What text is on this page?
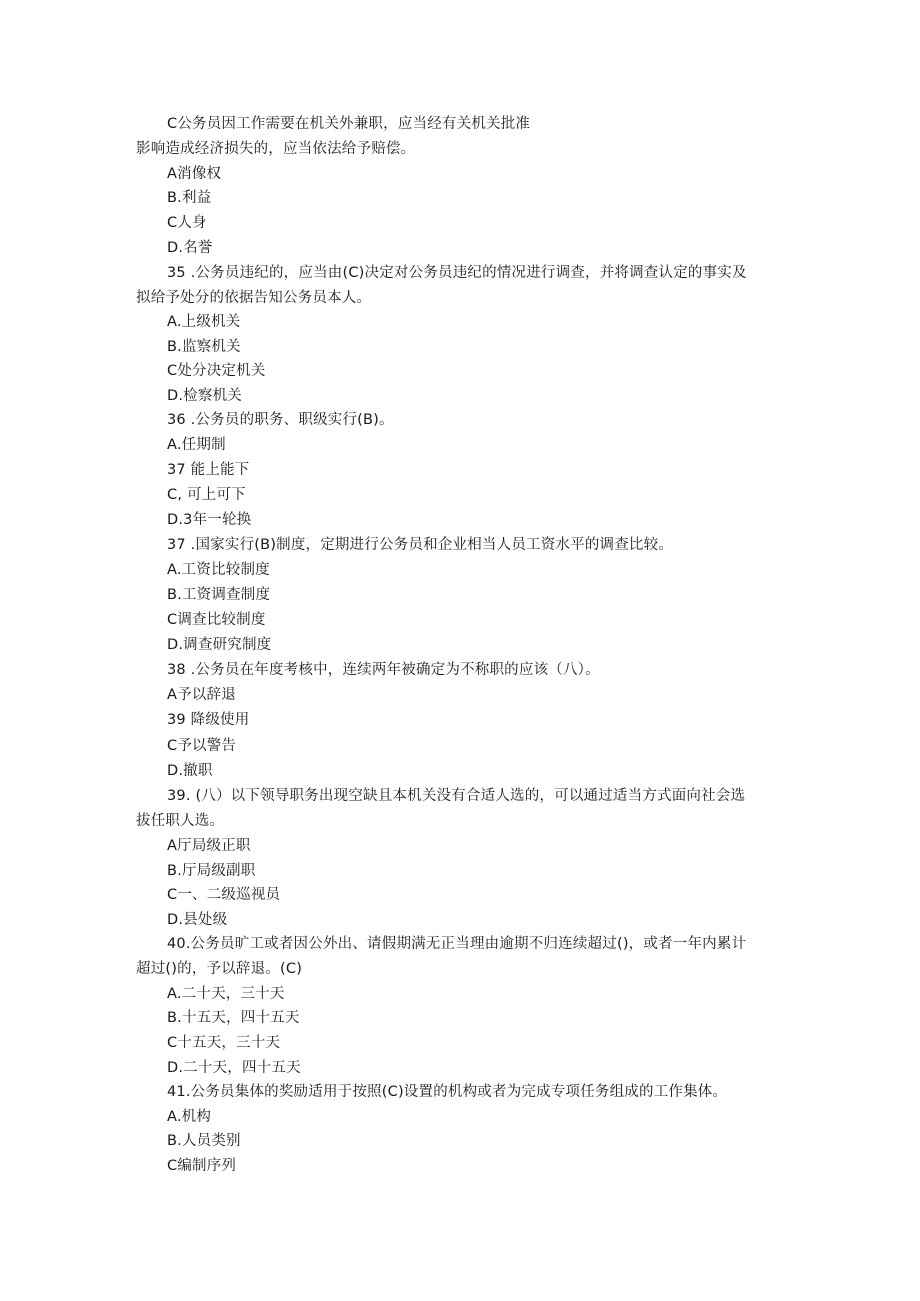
C公务员因工作需要在机关外兼职，应当经有关机关批准
影响造成经济损失的，应当依法给予赔偿。
A消像权
B.利益
C人身
D.名誉
35 .公务员违纪的，应当由(C)决定对公务员违纪的情况进行调查，并将调查认定的事实及
拟给予处分的依据告知公务员本人。
A.上级机关
B.监察机关
C处分决定机关
D.检察机关
36 .公务员的职务、职级实行(B)。
A.任期制
37 能上能下
C, 可上可下
D.3年一轮换
37 .国家实行(B)制度，定期进行公务员和企业相当人员工资水平的调查比较。
A.工资比较制度
B.工资调查制度
C调查比较制度
D.调查研究制度
38 .公务员在年度考核中，连续两年被确定为不称职的应该（八）。
A予以辞退
39 降级使用
C予以警告
D.撤职
39. (八）以下领导职务出现空缺且本机关没有合适人选的，可以通过适当方式面向社会选
拔任职人选。
A厅局级正职
B.厅局级副职
C一、二级巡视员
D.县处级
40.公务员旷工或者因公外出、请假期满无正当理由逾期不归连续超过()，或者一年内累计
超过()的，予以辞退。(C)
A.二十天，三十天
B.十五天，四十五天
C十五天，三十天
D.二十天，四十五天
41.公务员集体的奖励适用于按照(C)设置的机构或者为完成专项任务组成的工作集体。
A.机构
B.人员类别
C编制序列
